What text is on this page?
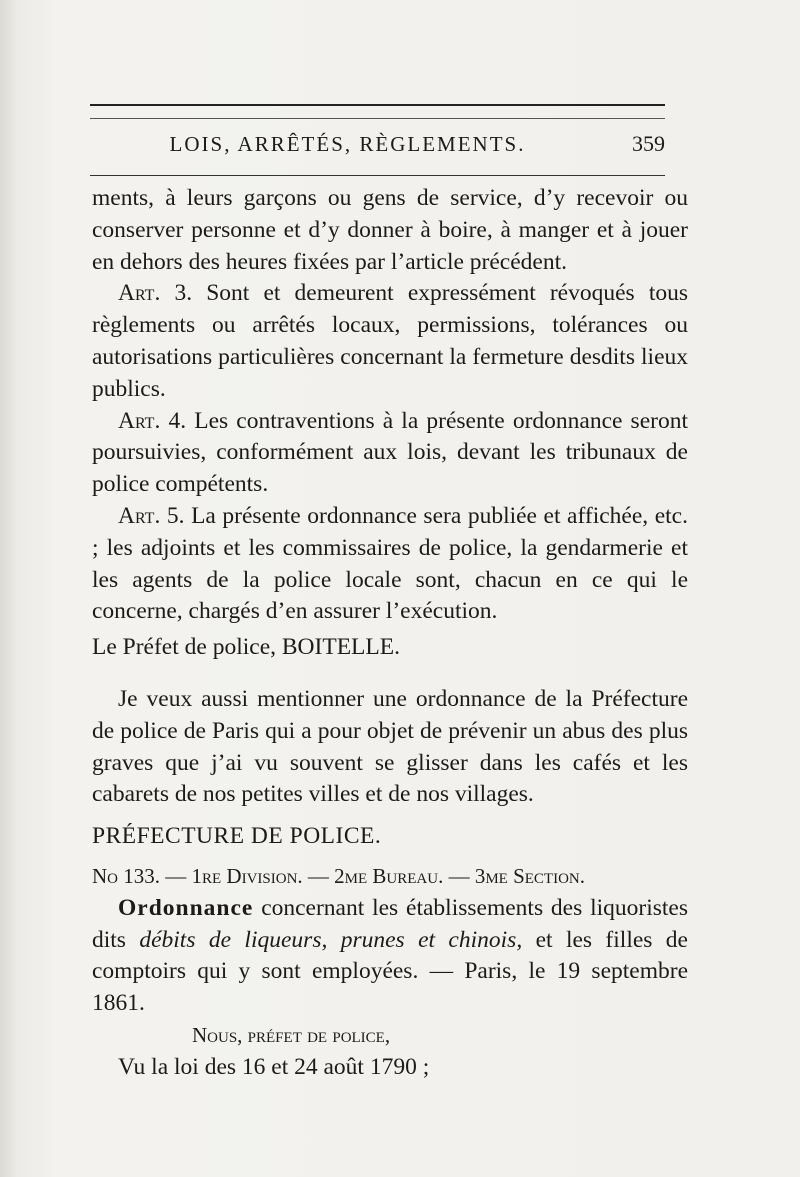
LOIS, ARRÊTÉS, RÈGLEMENTS.	359

ments, à leurs garçons ou gens de service, d’y recevoir ou conserver personne et d’y donner à boire, à manger et à jouer en dehors des heures fixées par l’article précédent.

Art. 3. Sont et demeurent expressément révoqués tous règlements ou arrêtés locaux, permissions, tolérances ou autorisations particulières concernant la fermeture desdits lieux publics.

Art. 4. Les contraventions à la présente ordonnance seront poursuivies, conformément aux lois, devant les tribunaux de police compétents.

Art. 5. La présente ordonnance sera publiée et affichée, etc. ; les adjoints et les commissaires de police, la gendarmerie et les agents de la police locale sont, chacun en ce qui le concerne, chargés d’en assurer l’exécution.

Le Préfet de police, BOITELLE.

Je veux aussi mentionner une ordonnance de la Préfecture de police de Paris qui a pour objet de prévenir un abus des plus graves que j’ai vu souvent se glisser dans les cafés et les cabarets de nos petites villes et de nos villages.

PRÉFECTURE DE POLICE.

No 133. — 1re Division. — 2me Bureau. — 3me Section.

Ordonnance concernant les établissements des liquoristes dits débits de liqueurs, prunes et chinois, et les filles de comptoirs qui y sont employées. — Paris, le 19 septembre 1861.

Nous, préfet de police,

Vu la loi des 16 et 24 août 1790 ;
